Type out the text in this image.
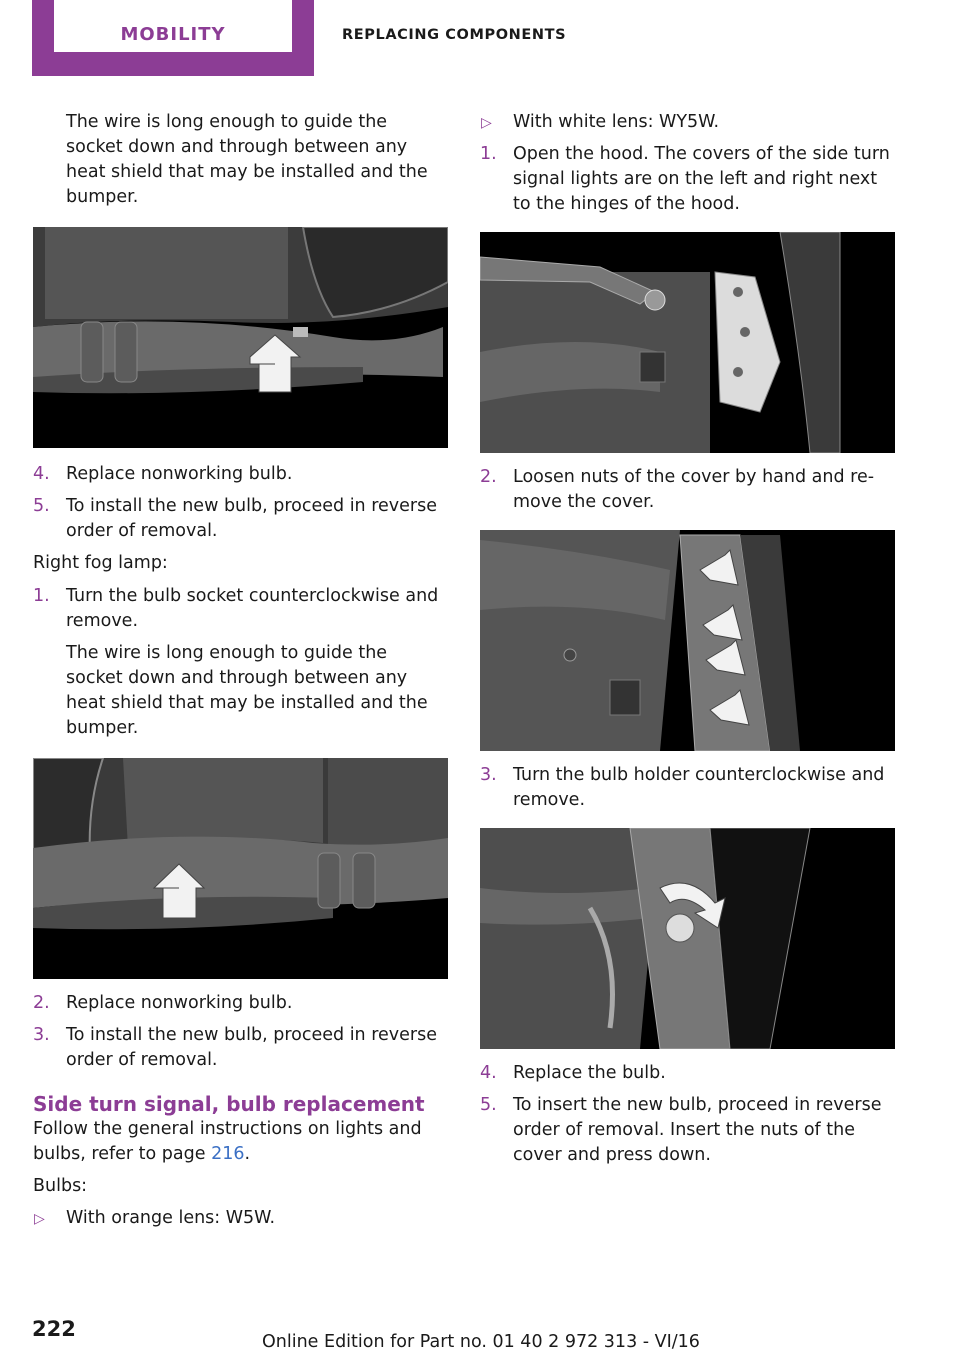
MOBILITY	REPLACING COMPONENTS

The wire is long enough to guide the socket down and through between any heat shield that may be installed and the bumper.

4. Replace nonworking bulb.
5. To install the new bulb, proceed in reverse order of removal.

Right fog lamp:

1. Turn the bulb socket counterclockwise and remove.

The wire is long enough to guide the socket down and through between any heat shield that may be installed and the bumper.

2. Replace nonworking bulb.
3. To install the new bulb, proceed in reverse order of removal.
Side turn signal, bulb replacement

Follow the general instructions on lights and bulbs, refer to page 216.

Bulbs:

▷ With orange lens: W5W.
▷ With white lens: WY5W.
1. Open the hood. The covers of the side turn signal lights are on the left and right next to the hinges of the hood.
2. Loosen nuts of the cover by hand and re‐move the cover.
3. Turn the bulb holder counterclockwise and remove.
4. Replace the bulb.
5. To insert the new bulb, proceed in reverse order of removal. Insert the nuts of the cover and press down.
222
Online Edition for Part no. 01 40 2 972 313 - VI/16
